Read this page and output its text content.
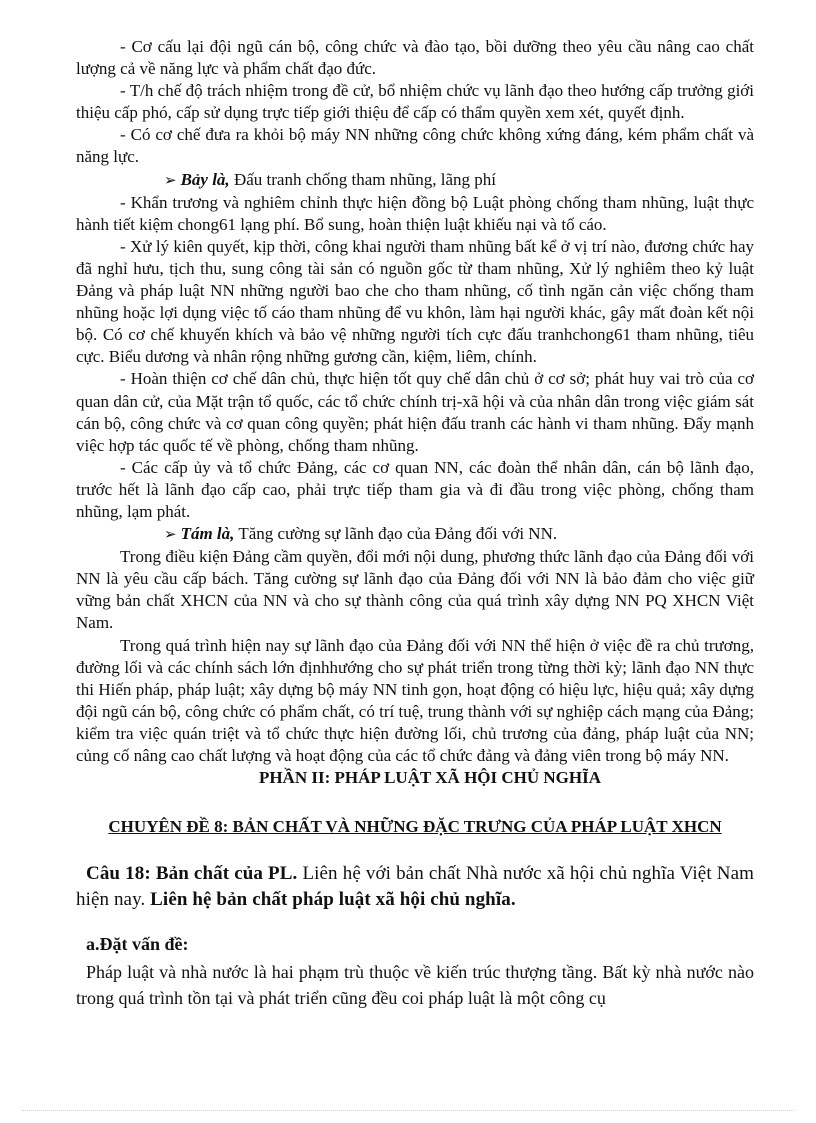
- Cơ cấu lại đội ngũ cán bộ, công chức và đào tạo, bồi dưỡng theo yêu cầu nâng cao chất lượng cả về năng lực và phẩm chất đạo đức.

- T/h chế độ trách nhiệm trong đề cử, bổ nhiệm chức vụ lãnh đạo theo hướng cấp trưởng giới thiệu cấp phó, cấp sử dụng trực tiếp giới thiệu để cấp có thẩm quyền xem xét, quyết định.

- Có cơ chế đưa ra khỏi bộ máy NN những công chức không xứng đáng, kém phẩm chất và năng lực.

➢ Bảy là, Đấu tranh chống tham nhũng, lãng phí

- Khẩn trương và nghiêm chỉnh thực hiện đồng bộ Luật phòng chống tham nhũng, luật thực hành tiết kiệm chong61 lạng phí. Bổ sung, hoàn thiện luật khiếu nại và tố cáo.

- Xử lý kiên quyết, kịp thời, công khai người tham nhũng bất kể ở vị trí nào, đương chức hay đã nghỉ hưu, tịch thu, sung công tài sản có nguồn gốc từ tham nhũng, Xử lý nghiêm theo kỷ luật Đảng và pháp luật NN những người bao che cho tham nhũng, cố tình ngăn cản việc chống tham nhũng hoặc lợi dụng việc tố cáo tham nhũng để vu khôn, làm hại người khác, gây mất đoàn kết nội bộ. Có cơ chế khuyến khích và bảo vệ những người tích cực đấu tranhchong61 tham nhũng, tiêu cực. Biểu dương và nhân rộng những gương cần, kiệm, liêm, chính.

- Hoàn thiện cơ chế dân chủ, thực hiện tốt quy chế dân chủ ở cơ sở; phát huy vai trò của cơ quan dân cử, của Mặt trận tổ quốc, các tổ chức chính trị-xã hội và của nhân dân trong việc giám sát cán bộ, công chức và cơ quan công quyền; phát hiện đấu tranh các hành vi tham nhũng. Đẩy mạnh việc hợp tác quốc tế về phòng, chống tham nhũng.

- Các cấp ủy và tổ chức Đảng, các cơ quan NN, các đoàn thể nhân dân, cán bộ lãnh đạo, trước hết là lãnh đạo cấp cao, phải trực tiếp tham gia và đi đầu trong việc phòng, chống tham nhũng, lạm phát.

➢ Tám là, Tăng cường sự lãnh đạo của Đảng đối với NN.

Trong điều kiện Đảng cầm quyền, đổi mới nội dung, phương thức lãnh đạo của Đảng đối với NN là yêu cầu cấp bách. Tăng cường sự lãnh đạo của Đảng đối với NN là bảo đảm cho việc giữ vững bản chất XHCN của NN và cho sự thành công của quá trình xây dựng NN PQ XHCN Việt Nam.

Trong quá trình hiện nay sự lãnh đạo của Đảng đối với NN thể hiện ở việc đề ra chủ trương, đường lối và các chính sách lớn địnhhướng cho sự phát triển trong từng thời kỳ; lãnh đạo NN thực thi Hiến pháp, pháp luật; xây dựng bộ máy NN tinh gọn, hoạt động có hiệu lực, hiệu quả; xây dựng đội ngũ cán bộ, công chức có phẩm chất, có trí tuệ, trung thành với sự nghiệp cách mạng của Đảng; kiểm tra việc quán triệt và tổ chức thực hiện đường lối, chủ trương của đảng, pháp luật của NN; củng cố nâng cao chất lượng và hoạt động của các tổ chức đảng và đảng viên trong bộ máy NN.

PHẦN II: PHÁP LUẬT XÃ HỘI CHỦ NGHĨA

CHUYÊN ĐỀ 8: BẢN CHẤT VÀ NHỮNG ĐẶC TRƯNG CỦA PHÁP LUẬT XHCN

Câu 18: Bản chất của PL. Liên hệ với bản chất Nhà nước xã hội chủ nghĩa Việt Nam hiện nay. Liên hệ bản chất pháp luật xã hội chủ nghĩa.

a.Đặt vấn đề:

Pháp luật và nhà nước là hai phạm trù thuộc về kiến trúc thượng tầng. Bất kỳ nhà nước nào trong quá trình tồn tại và phát triển cũng đều coi pháp luật là một công cụ
